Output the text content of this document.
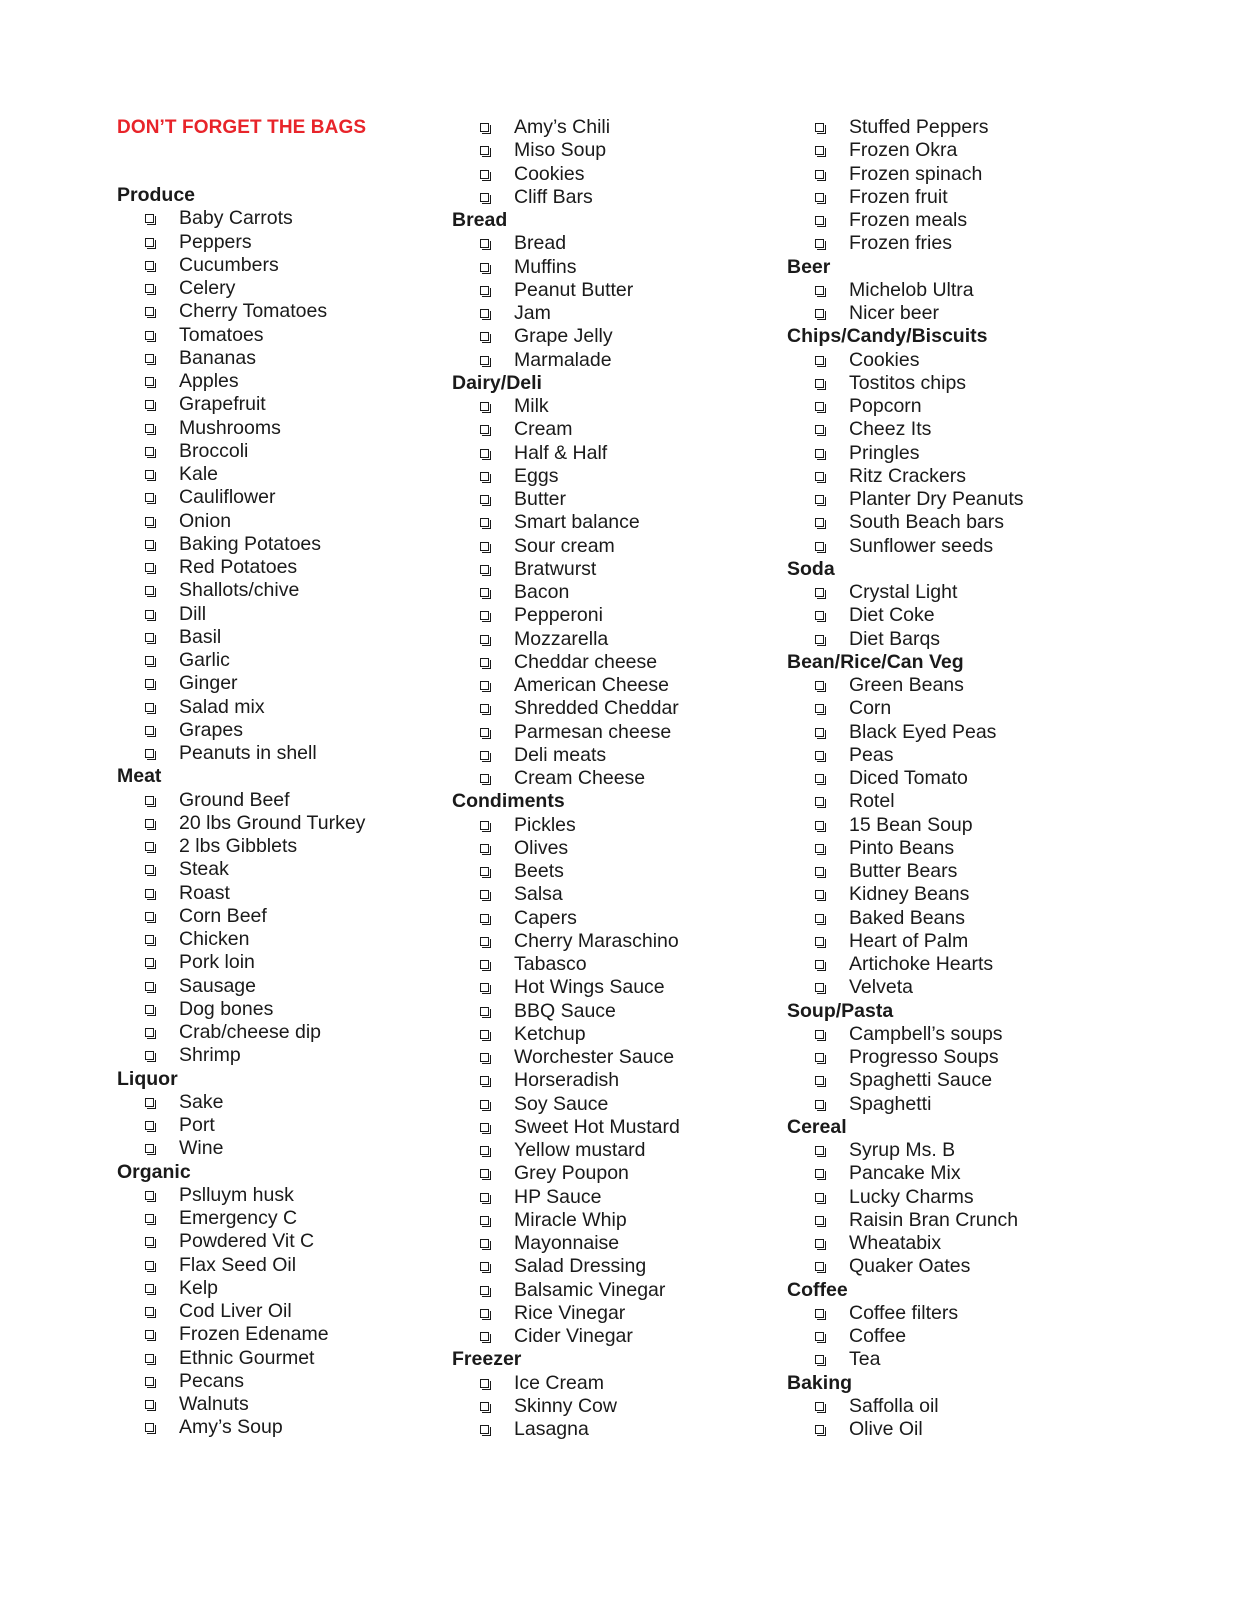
DON’T FORGET THE BAGS
Produce
Baby Carrots
Peppers
Cucumbers
Celery
Cherry Tomatoes
Tomatoes
Bananas
Apples
Grapefruit
Mushrooms
Broccoli
Kale
Cauliflower
Onion
Baking Potatoes
Red Potatoes
Shallots/chive
Dill
Basil
Garlic
Ginger
Salad mix
Grapes
Peanuts in shell
Meat
Ground Beef
20 lbs Ground Turkey
2 lbs Gibblets
Steak
Roast
Corn Beef
Chicken
Pork loin
Sausage
Dog bones
Crab/cheese dip
Shrimp
Liquor
Sake
Port
Wine
Organic
Pslluym husk
Emergency C
Powdered Vit C
Flax Seed Oil
Kelp
Cod Liver Oil
Frozen Edename
Ethnic Gourmet
Pecans
Walnuts
Amy’s Soup
Amy’s Chili
Miso Soup
Cookies
Cliff Bars
Bread
Bread
Muffins
Peanut Butter
Jam
Grape Jelly
Marmalade
Dairy/Deli
Milk
Cream
Half & Half
Eggs
Butter
Smart balance
Sour cream
Bratwurst
Bacon
Pepperoni
Mozzarella
Cheddar cheese
American Cheese
Shredded Cheddar
Parmesan cheese
Deli meats
Cream Cheese
Condiments
Pickles
Olives
Beets
Salsa
Capers
Cherry Maraschino
Tabasco
Hot Wings Sauce
BBQ Sauce
Ketchup
Worchester Sauce
Horseradish
Soy Sauce
Sweet Hot Mustard
Yellow mustard
Grey Poupon
HP Sauce
Miracle Whip
Mayonnaise
Salad Dressing
Balsamic Vinegar
Rice Vinegar
Cider Vinegar
Freezer
Ice Cream
Skinny Cow
Lasagna
Stuffed Peppers
Frozen Okra
Frozen spinach
Frozen fruit
Frozen meals
Frozen fries
Beer
Michelob Ultra
Nicer beer
Chips/Candy/Biscuits
Cookies
Tostitos chips
Popcorn
Cheez Its
Pringles
Ritz Crackers
Planter Dry Peanuts
South Beach bars
Sunflower seeds
Soda
Crystal Light
Diet Coke
Diet Barqs
Bean/Rice/Can Veg
Green Beans
Corn
Black Eyed Peas
Peas
Diced Tomato
Rotel
15 Bean Soup
Pinto Beans
Butter Bears
Kidney Beans
Baked Beans
Heart of Palm
Artichoke Hearts
Velveta
Soup/Pasta
Campbell’s soups
Progresso Soups
Spaghetti Sauce
Spaghetti
Cereal
Syrup Ms. B
Pancake Mix
Lucky Charms
Raisin Bran Crunch
Wheatabix
Quaker Oates
Coffee
Coffee filters
Coffee
Tea
Baking
Saffolla oil
Olive Oil
